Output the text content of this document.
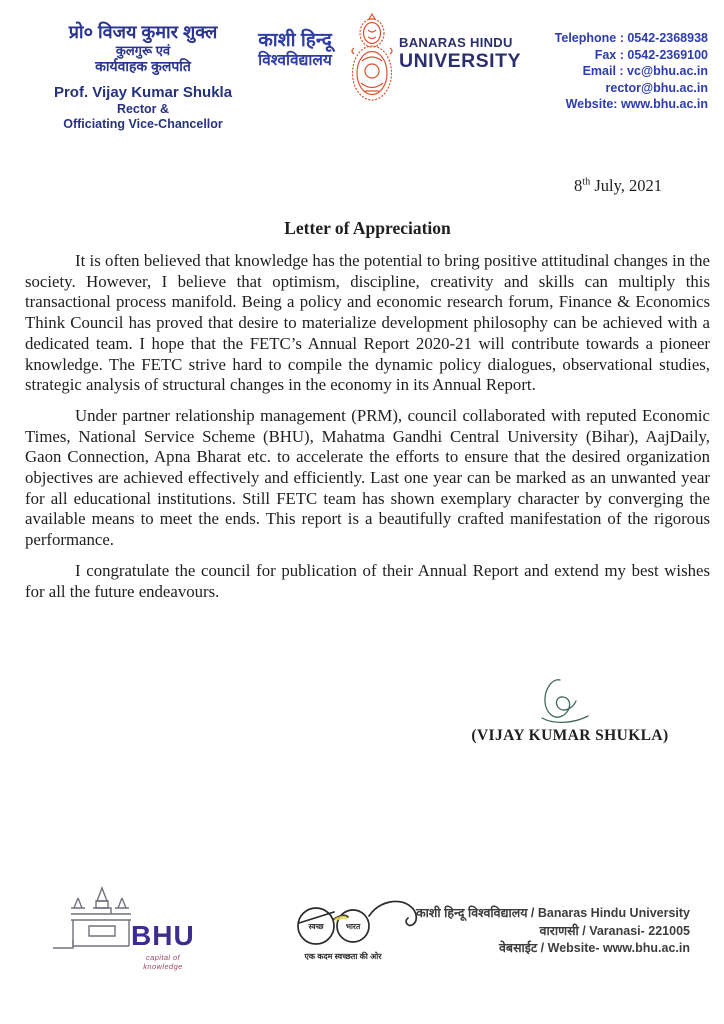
प्रो० विजय कुमार शुक्ल
कुलगुरू एवं
कार्यवाहक कुलपति
Prof. Vijay Kumar Shukla
Rector &
Officiating Vice-Chancellor
काशी हिन्दू
विश्वविद्यालय
BANARAS HINDU
UNIVERSITY
Telephone : 0542-2368938
Fax : 0542-2369100
Email : vc@bhu.ac.in
rector@bhu.ac.in
Website: www.bhu.ac.in
8th July, 2021
Letter of Appreciation

It is often believed that knowledge has the potential to bring positive attitudinal changes in the society. However, I believe that optimism, discipline, creativity and skills can multiply this transactional process manifold. Being a policy and economic research forum, Finance & Economics Think Council has proved that desire to materialize development philosophy can be achieved with a dedicated team. I hope that the FETC’s Annual Report 2020-21 will contribute towards a pioneer knowledge. The FETC strive hard to compile the dynamic policy dialogues, observational studies, strategic analysis of structural changes in the economy in its Annual Report.

Under partner relationship management (PRM), council collaborated with reputed Economic Times, National Service Scheme (BHU), Mahatma Gandhi Central University (Bihar), AajDaily, Gaon Connection, Apna Bharat etc. to accelerate the efforts to ensure that the desired organization objectives are achieved effectively and efficiently. Last one year can be marked as an unwanted year for all educational institutions. Still FETC team has shown exemplary character by converging the available means to meet the ends. This report is a beautifully crafted manifestation of the rigorous performance.

I congratulate the council for publication of their Annual Report and extend my best wishes for all the future endeavours.

(VIJAY KUMAR SHUKLA)
BHU
capital of knowledge
स्वच्छ	भारत
एक कदम स्वच्छता की ओर
काशी हिन्दू विश्वविद्यालय / Banaras Hindu University
वाराणसी / Varanasi- 221005
वेबसाईट / Website- www.bhu.ac.in
